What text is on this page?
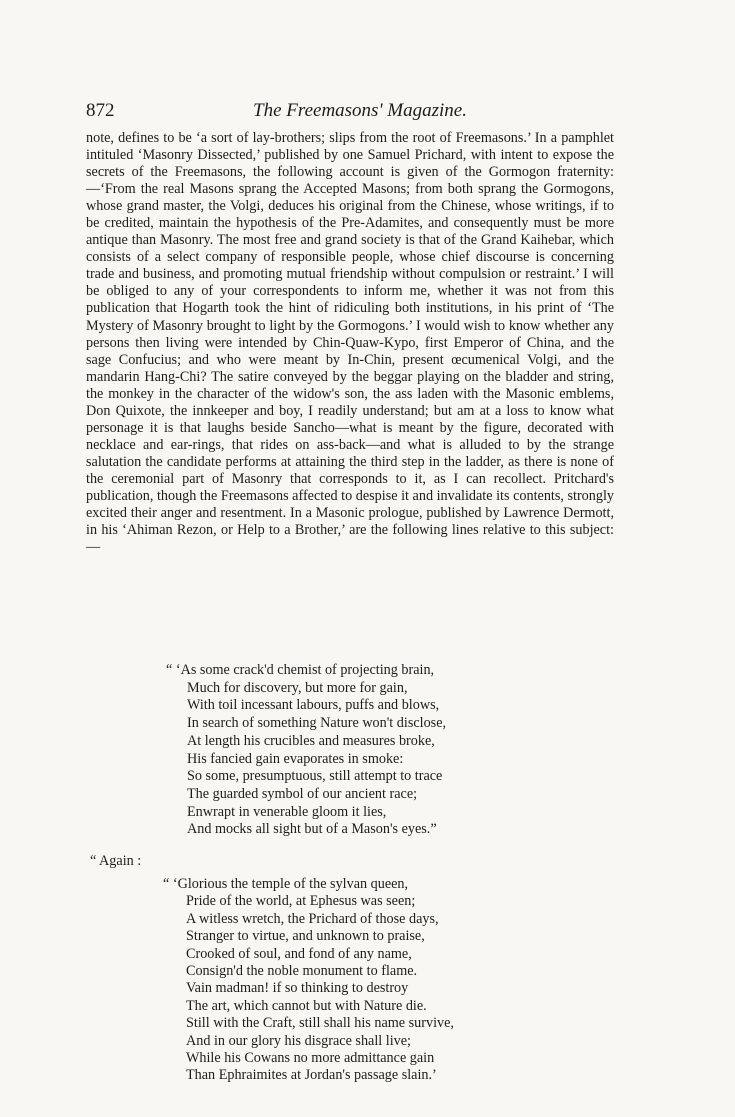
872	The Freemasons' Magazine.

note, defines to be ‘a sort of lay-brothers; slips from the root of Freemasons.’ In a pamphlet intituled ‘Masonry Dissected,’ published by one Samuel Prichard, with intent to expose the secrets of the Freemasons, the following account is given of the Gormogon fraternity:—‘From the real Masons sprang the Accepted Masons; from both sprang the Gormogons, whose grand master, the Volgi, deduces his original from the Chinese, whose writings, if to be credited, maintain the hypothesis of the Pre-Adamites, and consequently must be more antique than Masonry. The most free and grand society is that of the Grand Kaihebar, which consists of a select company of responsible people, whose chief discourse is concerning trade and business, and promoting mutual friendship without compulsion or restraint.’ I will be obliged to any of your correspondents to inform me, whether it was not from this publication that Hogarth took the hint of ridiculing both institutions, in his print of ‘The Mystery of Masonry brought to light by the Gormogons.’ I would wish to know whether any persons then living were intended by Chin-Quaw-Kypo, first Emperor of China, and the sage Confucius; and who were meant by In-Chin, present œcumenical Volgi, and the mandarin Hang-Chi? The satire conveyed by the beggar playing on the bladder and string, the monkey in the character of the widow's son, the ass laden with the Masonic emblems, Don Quixote, the innkeeper and boy, I readily understand; but am at a loss to know what personage it is that laughs beside Sancho—what is meant by the figure, decorated with necklace and ear-rings, that rides on ass-back—and what is alluded to by the strange salutation the candidate performs at attaining the third step in the ladder, as there is none of the ceremonial part of Masonry that corresponds to it, as I can recollect. Pritchard's publication, though the Freemasons affected to despise it and invalidate its contents, strongly excited their anger and resentment. In a Masonic prologue, published by Lawrence Dermott, in his ‘Ahiman Rezon, or Help to a Brother,’ are the following lines relative to this subject:—

“ ‘As some crack'd chemist of projecting brain,
Much for discovery, but more for gain,
With toil incessant labours, puffs and blows,
In search of something Nature won't disclose,
At length his crucibles and measures broke,
His fancied gain evaporates in smoke:
So some, presumptuous, still attempt to trace
The guarded symbol of our ancient race;
Enwrapt in venerable gloom it lies,
And mocks all sight but of a Mason's eyes.”
“ Again :
“ ‘Glorious the temple of the sylvan queen,
Pride of the world, at Ephesus was seen;
A witless wretch, the Prichard of those days,
Stranger to virtue, and unknown to praise,
Crooked of soul, and fond of any name,
Consign'd the noble monument to flame.
Vain madman! if so thinking to destroy
The art, which cannot but with Nature die.
Still with the Craft, still shall his name survive,
And in our glory his disgrace shall live;
While his Cowans no more admittance gain
Than Ephraimites at Jordan's passage slain.’
